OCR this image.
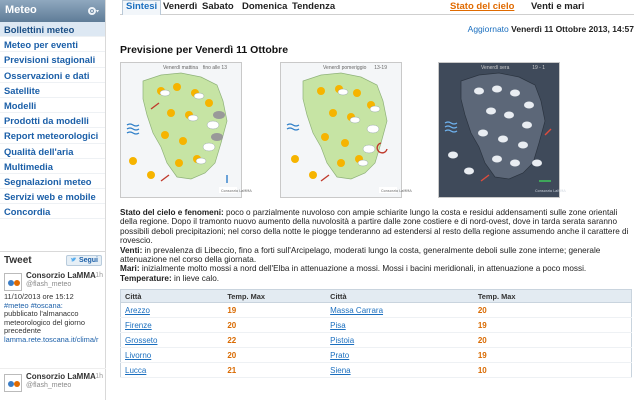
Meteo
Bollettini meteo
Meteo per eventi
Previsioni stagionali
Osservazioni e dati
Satellite
Modelli
Prodotti da modelli
Report meteorologici
Qualità dell'aria
Multimedia
Segnalazioni meteo
Servizi web e mobile
Concordia
Tweet	Segui
Consorzio LaMMA
@flash_meteo
1h
11/10/2013 ore 15:12
#meteo #toscana:
pubblicato l'almanacco meteorologico del giorno precedente
lamma.rete.toscana.it/clima/r
Consorzio LaMMA
@flash_meteo
1h
Sintesi Venerdì Sabato Domenica Tendenza	Stato del cielo Venti e mari
Aggiornato Venerdì 11 Ottobre 2013, 14:57
Previsione per Venerdì 11 Ottobre
Consorzio LaMMA
Venerdì mattina fino alle 13
Consorzio LaMMA
Venerdì pomeriggio 13-19
Consorzio LaMMA
Venerdì sera	19 - 1

Stato del cielo e fenomeni: poco o parzialmente nuvoloso con ampie schiarite lungo la costa e residui addensamenti sulle zone orientali della regione. Dopo il tramonto nuovo aumento della nuvolosità a partire dalle zone costiere e di nord-ovest, dove in tarda serata saranno possibili deboli precipitazioni; nel corso della notte le piogge tenderanno ad estendersi al resto della regione assumendo anche il carattere di rovescio.

Venti: in prevalenza di Libeccio, fino a forti sull'Arcipelago, moderati lungo la costa, generalmente deboli sulle zone interne; generale attenuazione nel corso della giornata.

Mari: inizialmente molto mossi a nord dell'Elba in attenuazione a mossi. Mossi i bacini meridionali, in attenuazione a poco mossi.

Temperature: in lieve calo.

Città	Temp. Max	Città	Temp. Max
Arezzo	19	Massa Carrara	20
Firenze	20	Pisa	19
Grosseto	22	Pistoia	20
Livorno	20	Prato	19
Lucca	21	Siena	10
